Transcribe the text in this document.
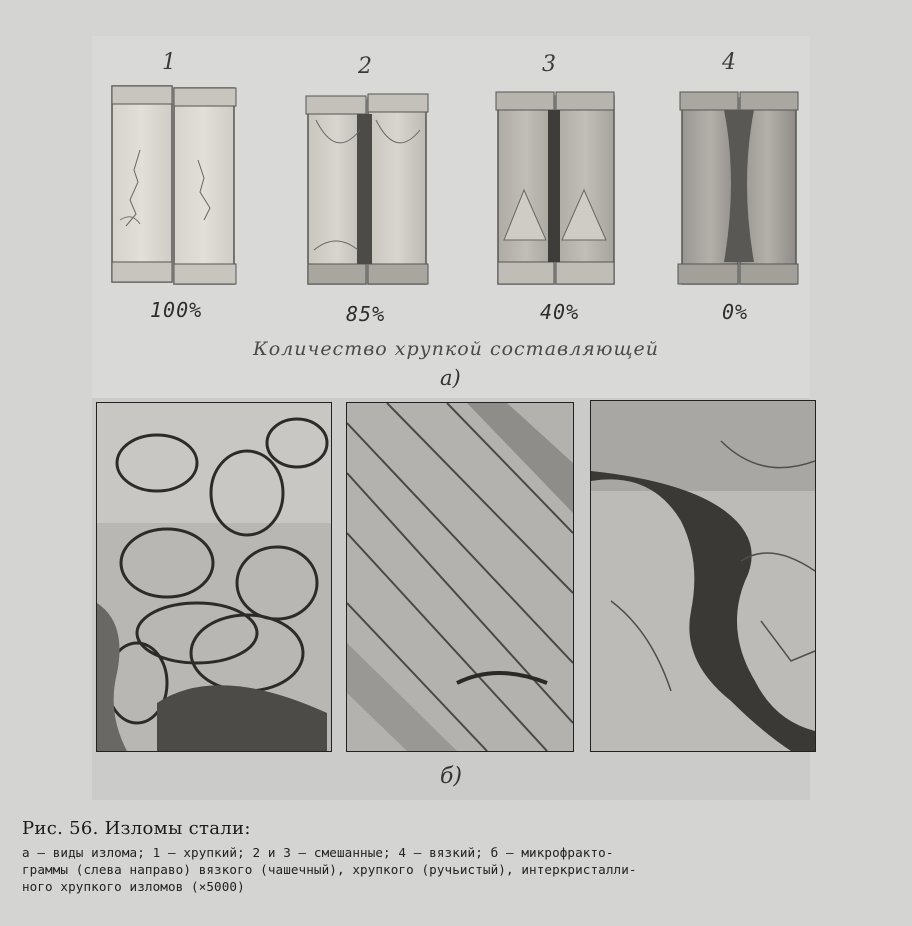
1	2	3	4
100%	85%	40%	0%
Количество хрупкой составляющей
а)
б)
Рис. 56. Изломы стали:
а — виды излома; 1 — хрупкий; 2 и 3 — смешанные; 4 — вязкий; б — микрофракто-
граммы (слева направо) вязкого (чашечный), хрупкого (ручьистый), интеркристалли-
ного хрупкого изломов (×5000)
